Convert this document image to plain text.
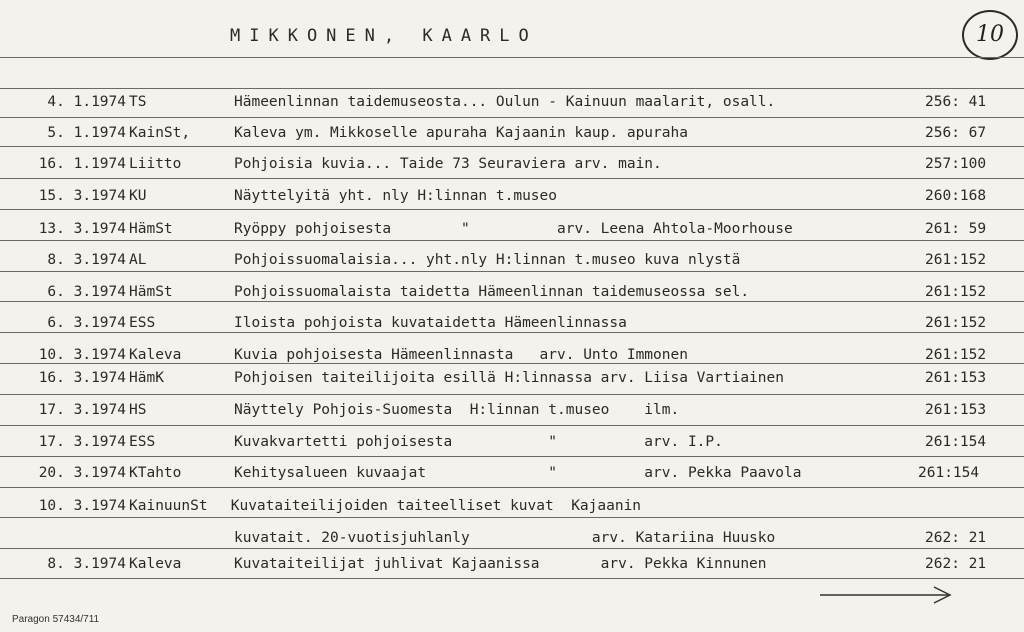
MIKKONEN, KAARLO	10
4. 1.1974 TS	Hämeenlinnan taidemuseosta... Oulun - Kainuun maalarit, osall.	256: 41
5. 1.1974 KainSt,	Kaleva ym. Mikkoselle apuraha Kajaanin kaup. apuraha	256: 67
16. 1.1974 Liitto	Pohjoisia kuvia... Taide 73 Seuraviera arv. main.	257:100
15. 3.1974 KU	Näyttelyitä yht. nly H:linnan t.museo	260:168
13. 3.1974 HämSt	Ryöppy pohjoisesta        "          arv. Leena Ahtola-Moorhouse	261: 59
8. 3.1974 AL	Pohjoissuomalaisia... yht.nly H:linnan t.museo kuva nlystä	261:152
6. 3.1974 HämSt	Pohjoissuomalaista taidetta Hämeenlinnan taidemuseossa sel.	261:152
6. 3.1974 ESS	Iloista pohjoista kuvataidetta Hämeenlinnassa	261:152
10. 3.1974 Kaleva	Kuvia pohjoisesta Hämeenlinnasta   arv. Unto Immonen	261:152
16. 3.1974 HämK	Pohjoisen taiteilijoita esillä H:linnassa arv. Liisa Vartiainen	261:153
17. 3.1974 HS	Näyttely Pohjois-Suomesta  H:linnan t.museo    ilm.	261:153
17. 3.1974 ESS	Kuvakvartetti pohjoisesta           "          arv. I.P.	261:154
20. 3.1974 KTahto	Kehitysalueen kuvaajat              "          arv. Pekka Paavola	261:154
10. 3.1974 KainuunSt Kuvataiteilijoiden taiteelliset kuvat  Kajaanin
kuvatait. 20-vuotisjuhlanly              arv. Katariina Huusko	262: 21
8. 3.1974 Kaleva	Kuvataiteilijat juhlivat Kajaanissa       arv. Pekka Kinnunen	262: 21
Paragon 57434/711
